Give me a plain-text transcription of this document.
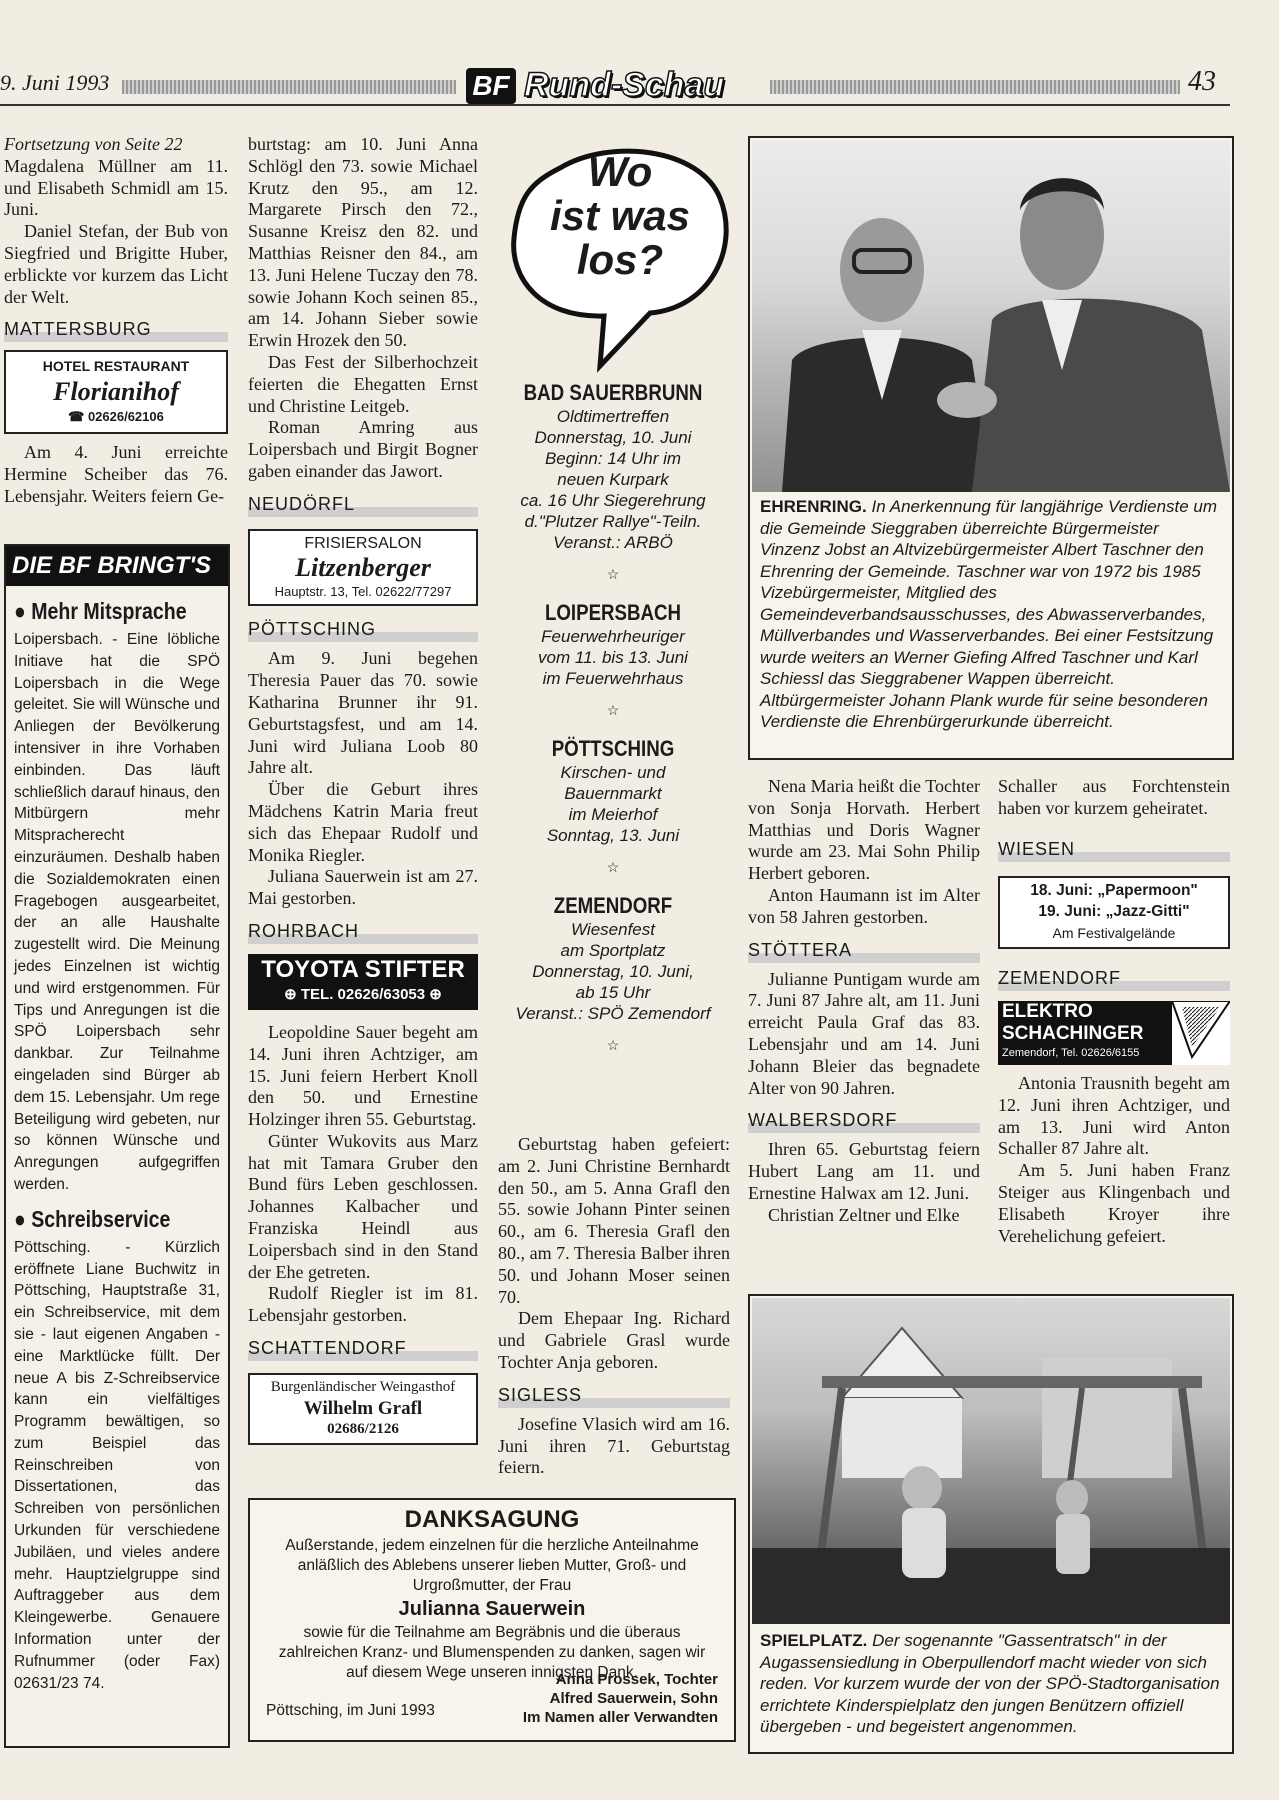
9. Juni 1993	BF Rund-Schau	43

Fortsetzung von Seite 22

Magdalena Müllner am 11. und Elisabeth Schmidl am 15. Juni.

Daniel Stefan, der Bub von Siegfried und Brigitte Huber, erblickte vor kurzem das Licht der Welt.

MATTERSBURG
HOTEL RESTAURANT
Florianihof
☎ 02626/62106

Am 4. Juni erreichte Hermine Scheiber das 76. Lebensjahr. Weiters feiern Ge-

DIE BF BRINGT'S
● Mehr Mitsprache

Loipersbach. - Eine löbliche Initiave hat die SPÖ Loipersbach in die Wege geleitet. Sie will Wünsche und Anliegen der Bevölkerung intensiver in ihre Vorhaben einbinden. Das läuft schließlich darauf hinaus, den Mitbürgern mehr Mitspracherecht einzuräumen. Deshalb haben die Sozialdemokraten einen Fragebogen ausgearbeitet, der an alle Haushalte zugestellt wird. Die Meinung jedes Einzelnen ist wichtig und wird erstgenommen. Für Tips und Anregungen ist die SPÖ Loipersbach sehr dankbar. Zur Teilnahme eingeladen sind Bürger ab dem 15. Lebensjahr. Um rege Beteiligung wird gebeten, nur so können Wünsche und Anregungen aufgegriffen werden.

● Schreibservice

Pöttsching. - Kürzlich eröffnete Liane Buchwitz in Pöttsching, Hauptstraße 31, ein Schreibservice, mit dem sie - laut eigenen Angaben - eine Marktlücke füllt. Der neue A bis Z-Schreibservice kann ein vielfältiges Programm bewältigen, so zum Beispiel das Reinschreiben von Dissertationen, das Schreiben von persönlichen Urkunden für verschiedene Jubiläen, und vieles andere mehr. Hauptzielgruppe sind Auftraggeber aus dem Kleingewerbe. Genauere Information unter der Rufnummer (oder Fax) 02631/23 74.

burtstag: am 10. Juni Anna Schlögl den 73. sowie Michael Krutz den 95., am 12. Margarete Pirsch den 72., Susanne Kreisz den 82. und Matthias Reisner den 84., am 13. Juni Helene Tuczay den 78. sowie Johann Koch seinen 85., am 14. Johann Sieber sowie Erwin Hrozek den 50.

Das Fest der Silberhochzeit feierten die Ehegatten Ernst und Christine Leitgeb.

Roman Amring aus Loipersbach und Birgit Bogner gaben einander das Jawort.

NEUDÖRFL
FRISIERSALON
Litzenberger
Hauptstr. 13, Tel. 02622/77297
PÖTTSCHING

Am 9. Juni begehen Theresia Pauer das 70. sowie Katharina Brunner ihr 91. Geburtstagsfest, und am 14. Juni wird Juliana Loob 80 Jahre alt.

Über die Geburt ihres Mädchens Katrin Maria freut sich das Ehepaar Rudolf und Monika Riegler.

Juliana Sauerwein ist am 27. Mai gestorben.

ROHRBACH
TOYOTA STIFTER
⊕ TEL. 02626/63053 ⊕

Leopoldine Sauer begeht am 14. Juni ihren Achtziger, am 15. Juni feiern Herbert Knoll den 50. und Ernestine Holzinger ihren 55. Geburtstag.

Günter Wukovits aus Marz hat mit Tamara Gruber den Bund fürs Leben geschlossen. Johannes Kalbacher und Franziska Heindl aus Loipersbach sind in den Stand der Ehe getreten.

Rudolf Riegler ist im 81. Lebensjahr gestorben.

SCHATTENDORF
Burgenländischer Weingasthof
Wilhelm Grafl
02686/2126
Wo
ist was
los?
BAD SAUERBRUNN

Oldtimertreffen

Donnerstag, 10. Juni

Beginn: 14 Uhr im

neuen Kurpark

ca. 16 Uhr Siegerehrung

d."Plutzer Rallye"-Teiln.

Veranst.: ARBÖ

☆
LOIPERSBACH

Feuerwehrheuriger

vom 11. bis 13. Juni

im Feuerwehrhaus

☆
PÖTTSCHING

Kirschen- und

Bauernmarkt

im Meierhof

Sonntag, 13. Juni

☆
ZEMENDORF

Wiesenfest

am Sportplatz

Donnerstag, 10. Juni,

ab 15 Uhr

Veranst.: SPÖ Zemendorf

☆

Geburtstag haben gefeiert: am 2. Juni Christine Bernhardt den 50., am 5. Anna Grafl den 55. sowie Johann Pinter seinen 60., am 6. Theresia Grafl den 80., am 7. Theresia Balber ihren 50. und Johann Moser seinen 70.

Dem Ehepaar Ing. Richard und Gabriele Grasl wurde Tochter Anja geboren.

SIGLESS

Josefine Vlasich wird am 16. Juni ihren 71. Geburtstag feiern.

DANKSAGUNG
Außerstande, jedem einzelnen für die herzliche Anteilnahme anläßlich des Ablebens unserer lieben Mutter, Groß- und Urgroßmutter, der Frau
Julianna Sauerwein
sowie für die Teilnahme am Begräbnis und die überaus zahlreichen Kranz- und Blumenspenden zu danken, sagen wir auf diesem Wege unseren innigsten Dank.
Pöttsching, im Juni 1993
Anna Prossek, Tochter
Alfred Sauerwein, Sohn
Im Namen aller Verwandten
EHRENRING. In Anerkennung für langjährige Verdienste um die Gemeinde Sieggraben überreichte Bürgermeister Vinzenz Jobst an Altvizebürgermeister Albert Taschner den Ehrenring der Gemeinde. Taschner war von 1972 bis 1985 Vizebürgermeister, Mitglied des Gemeindeverbandsausschusses, des Abwasserverbandes, Müllverbandes und Wasserverbandes. Bei einer Festsitzung wurde weiters an Werner Giefing Alfred Taschner und Karl Schiessl das Sieggrabener Wappen überreicht. Altbürgermeister Johann Plank wurde für seine besonderen Verdienste die Ehrenbürgerurkunde überreicht.

Nena Maria heißt die Tochter von Sonja Horvath. Herbert Matthias und Doris Wagner wurde am 23. Mai Sohn Philip Herbert geboren.

Anton Haumann ist im Alter von 58 Jahren gestorben.

STÖTTERA

Julianne Puntigam wurde am 7. Juni 87 Jahre alt, am 11. Juni erreicht Paula Graf das 83. Lebensjahr und am 14. Juni Johann Bleier das begnadete Alter von 90 Jahren.

WALBERSDORF

Ihren 65. Geburtstag feiern Hubert Lang am 11. und Ernestine Halwax am 12. Juni.

Christian Zeltner und Elke

Schaller aus Forchtenstein haben vor kurzem geheiratet.

WIESEN
18. Juni: „Papermoon"
19. Juni: „Jazz-Gitti"
Am Festivalgelände
ZEMENDORF
ELEKTRO
SCHACHINGER
Zemendorf, Tel. 02626/6155

Antonia Trausnith begeht am 12. Juni ihren Achtziger, und am 13. Juni wird Anton Schaller 87 Jahre alt.

Am 5. Juni haben Franz Steiger aus Klingenbach und Elisabeth Kroyer ihre Verehelichung gefeiert.

SPIELPLATZ. Der sogenannte "Gassentratsch" in der Augassensiedlung in Oberpullendorf macht wieder von sich reden. Vor kurzem wurde der von der SPÖ-Stadtorganisation errichtete Kinderspielplatz den jungen Benützern offiziell übergeben - und begeistert angenommen.
